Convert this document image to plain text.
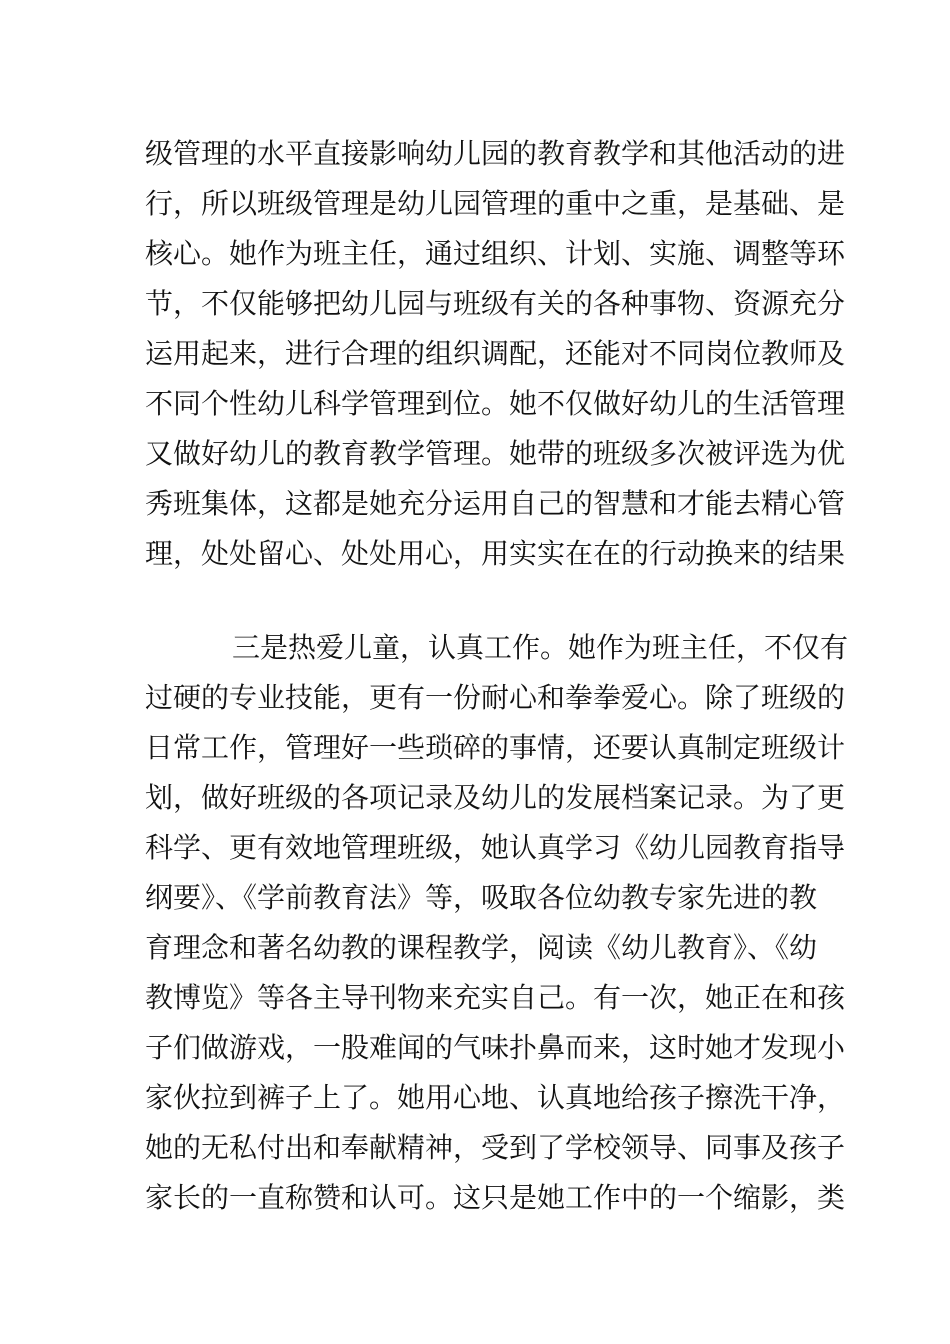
级管理的水平直接影响幼儿园的教育教学和其他活动的进
行，所以班级管理是幼儿园管理的重中之重，是基础、是
核心。她作为班主任，通过组织、计划、实施、调整等环
节，不仅能够把幼儿园与班级有关的各种事物、资源充分
运用起来，进行合理的组织调配，还能对不同岗位教师及
不同个性幼儿科学管理到位。她不仅做好幼儿的生活管理
又做好幼儿的教育教学管理。她带的班级多次被评选为优
秀班集体，这都是她充分运用自己的智慧和才能去精心管
理，处处留心、处处用心，用实实在在的行动换来的结果
三是热爱儿童，认真工作。她作为班主任，不仅有
过硬的专业技能，更有一份耐心和拳拳爱心。除了班级的
日常工作，管理好一些琐碎的事情，还要认真制定班级计
划，做好班级的各项记录及幼儿的发展档案记录。为了更
科学、更有效地管理班级，她认真学习《幼儿园教育指导
纲要》、《学前教育法》等，吸取各位幼教专家先进的教
育理念和著名幼教的课程教学，阅读《幼儿教育》、《幼
教博览》等各主导刊物来充实自己。有一次，她正在和孩
子们做游戏，一股难闻的气味扑鼻而来，这时她才发现小
家伙拉到裤子上了。她用心地、认真地给孩子擦洗干净，
她的无私付出和奉献精神，受到了学校领导、同事及孩子
家长的一直称赞和认可。这只是她工作中的一个缩影，类
